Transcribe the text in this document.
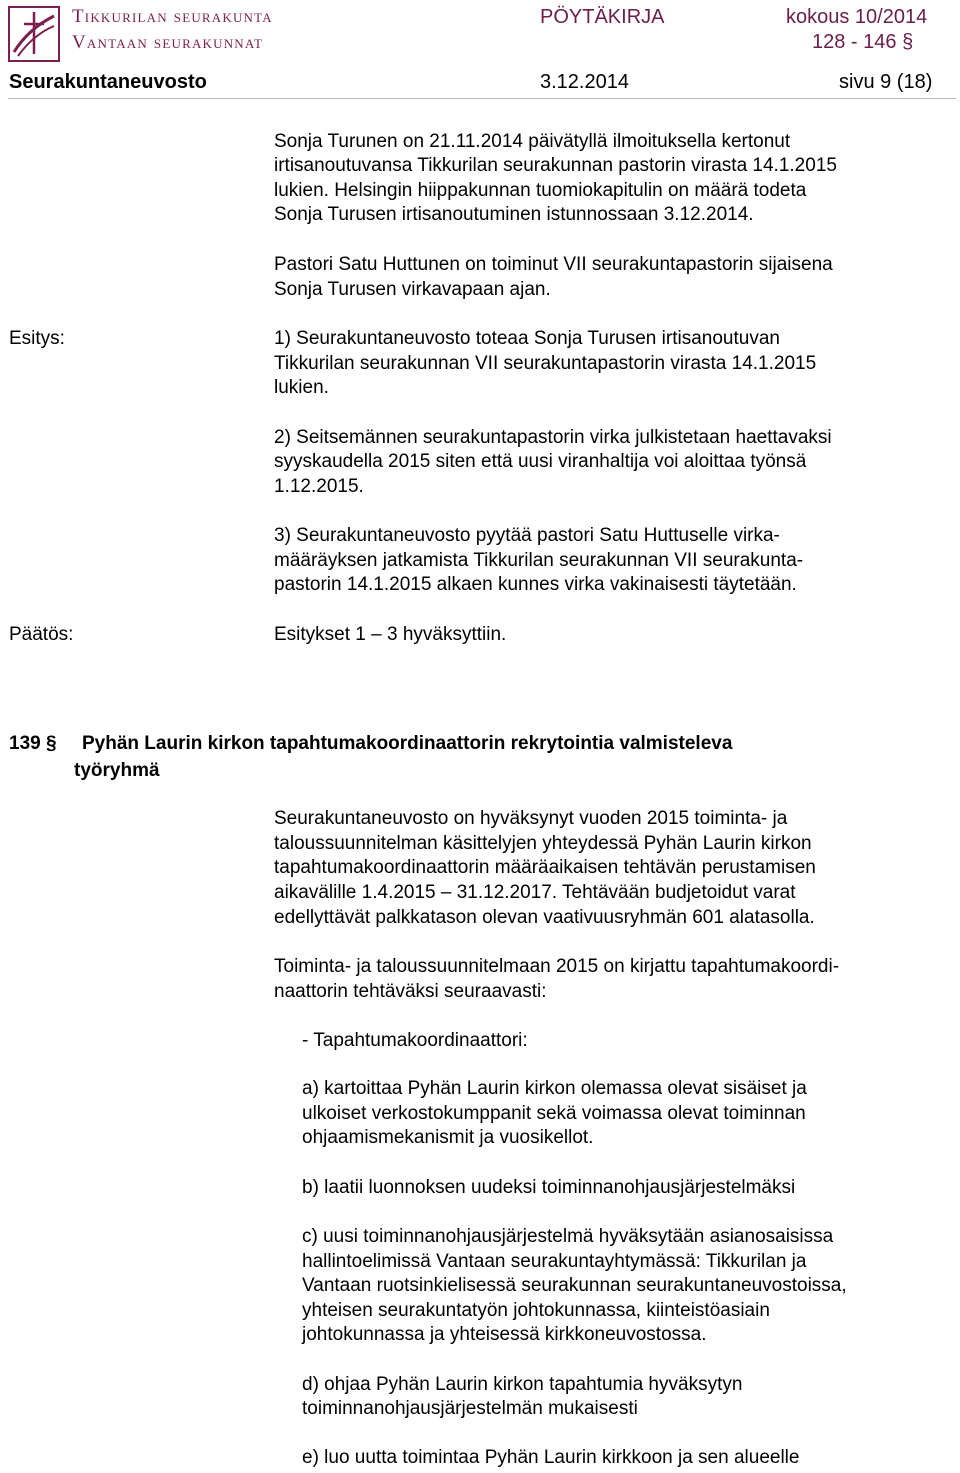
Tikkurilan seurakunta
Vantaan seurakunnat
PÖYTÄKIRJA	kokous 10/2014
128 - 146 §
Seurakuntaneuvosto	3.12.2014	sivu 9 (18)
Sonja Turunen on 21.11.2014 päivätyllä ilmoituksella kertonut
irtisanoutuvansa Tikkurilan seurakunnan pastorin virasta 14.1.2015
lukien. Helsingin hiippakunnan tuomiokapitulin on määrä todeta
Sonja Turusen irtisanoutuminen istunnossaan 3.12.2014.
Pastori Satu Huttunen on toiminut VII seurakuntapastorin sijaisena
Sonja Turusen virkavapaan ajan.
Esitys:	1) Seurakuntaneuvosto toteaa Sonja Turusen irtisanoutuvan
Tikkurilan seurakunnan VII seurakuntapastorin virasta 14.1.2015
lukien.
2) Seitsemännen seurakuntapastorin virka julkistetaan haettavaksi
syyskaudella 2015 siten että uusi viranhaltija voi aloittaa työnsä
1.12.2015.
3) Seurakuntaneuvosto pyytää pastori Satu Huttuselle virka-
määräyksen jatkamista Tikkurilan seurakunnan VII seurakunta-
pastorin 14.1.2015 alkaen kunnes virka vakinaisesti täytetään.
Päätös:	Esitykset 1 – 3 hyväksyttiin.
139 § Pyhän Laurin kirkon tapahtumakoordinaattorin rekrytointia valmisteleva
työryhmä
Seurakuntaneuvosto on hyväksynyt vuoden 2015 toiminta- ja
taloussuunnitelman käsittelyjen yhteydessä Pyhän Laurin kirkon
tapahtumakoordinaattorin määräaikaisen tehtävän perustamisen
aikavälille 1.4.2015 – 31.12.2017. Tehtävään budjetoidut varat
edellyttävät palkkatason olevan vaativuusryhmän 601 alatasolla.
Toiminta- ja taloussuunnitelmaan 2015 on kirjattu tapahtumakoordi-
naattorin tehtäväksi seuraavasti:
- Tapahtumakoordinaattori:
a) kartoittaa Pyhän Laurin kirkon olemassa olevat sisäiset ja
ulkoiset verkostokumppanit sekä voimassa olevat toiminnan
ohjaamismekanismit ja vuosikellot.
b) laatii luonnoksen uudeksi toiminnanohjausjärjestelmäksi
c) uusi toiminnanohjausjärjestelmä hyväksytään asianosaisissa
hallintoelimissä Vantaan seurakuntayhtymässä: Tikkurilan ja
Vantaan ruotsinkielisessä seurakunnan seurakuntaneuvostoissa,
yhteisen seurakuntatyön johtokunnassa, kiinteistöasiain
johtokunnassa ja yhteisessä kirkkoneuvostossa.
d) ohjaa Pyhän Laurin kirkon tapahtumia hyväksytyn
toiminnanohjausjärjestelmän mukaisesti
e) luo uutta toimintaa Pyhän Laurin kirkkoon ja sen alueelle
